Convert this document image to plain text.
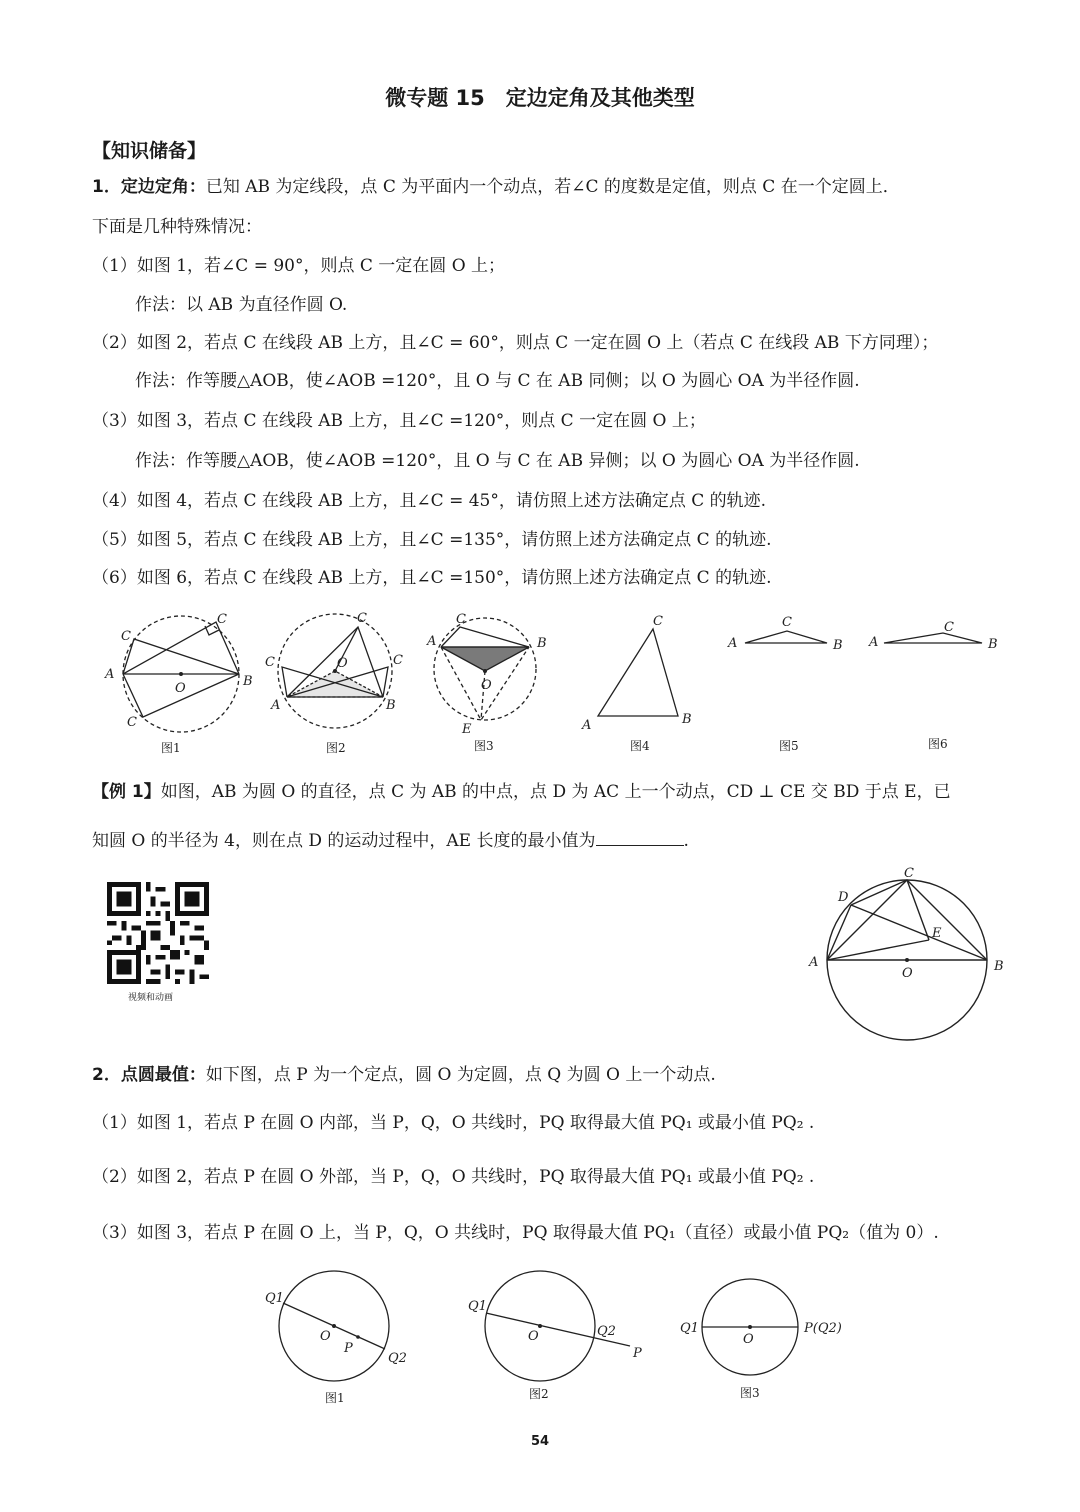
微专题 15　定边定角及其他类型
【知识储备】
1．定边定角：已知 AB 为定线段，点 C 为平面内一个动点，若∠C 的度数是定值，则点 C 在一个定圆上．
下面是几种特殊情况：
（1）如图 1，若∠C = 90°，则点 C 一定在圆 O 上；
作法：以 AB 为直径作圆 O.
（2）如图 2，若点 C 在线段 AB 上方，且∠C = 60°，则点 C 一定在圆 O 上（若点 C 在线段 AB 下方同理）；
作法：作等腰△AOB，使∠AOB =120°，且 O 与 C 在 AB 同侧；以 O 为圆心 OA 为半径作圆.
（3）如图 3，若点 C 在线段 AB 上方，且∠C =120°，则点 C 一定在圆 O 上；
作法：作等腰△AOB，使∠AOB =120°，且 O 与 C 在 AB 异侧；以 O 为圆心 OA 为半径作圆.
（4）如图 4，若点 C 在线段 AB 上方，且∠C = 45°，请仿照上述方法确定点 C 的轨迹.
（5）如图 5，若点 C 在线段 AB 上方，且∠C =135°，请仿照上述方法确定点 C 的轨迹.
（6）如图 6，若点 C 在线段 AB 上方，且∠C =150°，请仿照上述方法确定点 C 的轨迹.
A	B
C
C
C
O
图1
C
C	C
O
A	B
图2
C
A	B
O
E
图3
C
A	B
图4
C
A	B
图5
C
A	B
图6
【例 1】如图，AB 为圆 O 的直径，点 C 为 AB 的中点，点 D 为 AC 上一个动点，CD ⊥ CE 交 BD 于点 E，已
知圆 O 的半径为 4，则在点 D 的运动过程中，AE 长度的最小值为	.
视频和动画
C
D
E
A	B
O
2．点圆最值：如下图，点 P 为一个定点，圆 O 为定圆，点 Q 为圆 O 上一个动点.
（1）如图 1，若点 P 在圆 O 内部，当 P，Q，O 共线时，PQ 取得最大值 PQ₁ 或最小值 PQ₂ .
（2）如图 2，若点 P 在圆 O 外部，当 P，Q，O 共线时，PQ 取得最大值 PQ₁ 或最小值 PQ₂ .
（3）如图 3，若点 P 在圆 O 上，当 P，Q，O 共线时，PQ 取得最大值 PQ₁（直径）或最小值 PQ₂（值为 0）.
Q1
O
P
Q2
图1
Q1
O	Q2
P
图2
Q1
O
P(Q2)
图3
54
